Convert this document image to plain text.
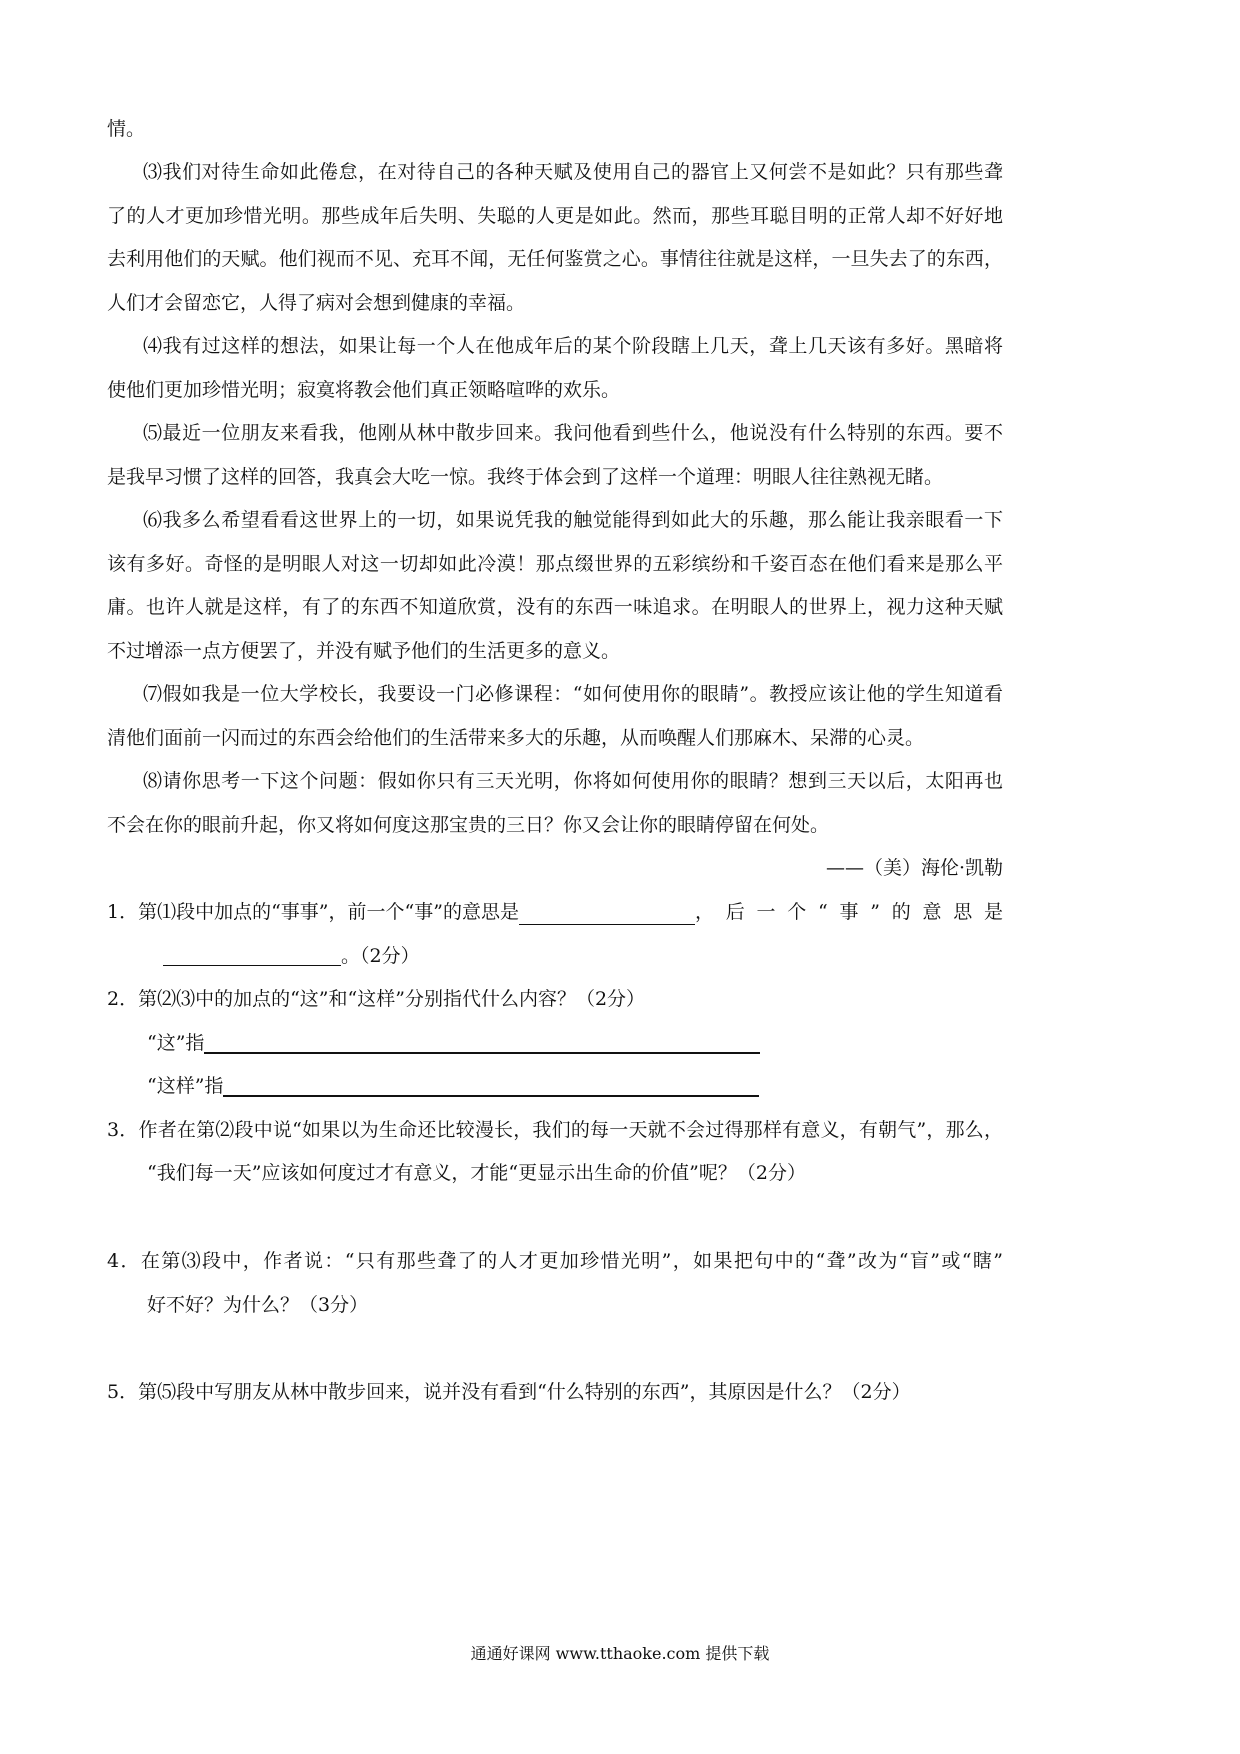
情。
⑶我们对待生命如此倦怠，在对待自己的各种天赋及使用自己的器官上又何尝不是如此？只有那些聋
了的人才更加珍惜光明。那些成年后失明、失聪的人更是如此。然而，那些耳聪目明的正常人却不好好地
去利用他们的天赋。他们视而不见、充耳不闻，无任何鉴赏之心。事情往往就是这样，一旦失去了的东西，
人们才会留恋它，人得了病对会想到健康的幸福。
⑷我有过这样的想法，如果让每一个人在他成年后的某个阶段瞎上几天，聋上几天该有多好。黑暗将
使他们更加珍惜光明；寂寞将教会他们真正领略喧哗的欢乐。
⑸最近一位朋友来看我，他刚从林中散步回来。我问他看到些什么，他说没有什么特别的东西。要不
是我早习惯了这样的回答，我真会大吃一惊。我终于体会到了这样一个道理：明眼人往往熟视无睹。
⑹我多么希望看看这世界上的一切，如果说凭我的触觉能得到如此大的乐趣，那么能让我亲眼看一下
该有多好。奇怪的是明眼人对这一切却如此冷漠！那点缀世界的五彩缤纷和千姿百态在他们看来是那么平
庸。也许人就是这样，有了的东西不知道欣赏，没有的东西一味追求。在明眼人的世界上，视力这种天赋
不过增添一点方便罢了，并没有赋予他们的生活更多的意义。
⑺假如我是一位大学校长，我要设一门必修课程：“如何使用你的眼睛”。教授应该让他的学生知道看
清他们面前一闪而过的东西会给他们的生活带来多大的乐趣，从而唤醒人们那麻木、呆滞的心灵。
⑻请你思考一下这个问题：假如你只有三天光明，你将如何使用你的眼睛？想到三天以后，太阳再也
不会在你的眼前升起，你又将如何度这那宝贵的三日？你又会让你的眼睛停留在何处。
——（美）海伦·凯勒
1．第⑴段中加点的“事事”，前一个“事”的意思是	，后一个“事”的意思是
。（2分）
2．第⑵⑶中的加点的“这”和“这样”分别指代什么内容？（2分）
“这”指
“这样”指
3．作者在第⑵段中说“如果以为生命还比较漫长，我们的每一天就不会过得那样有意义，有朝气”，那么，
“我们每一天”应该如何度过才有意义，才能“更显示出生命的价值”呢？（2分）
4．在第⑶段中，作者说：“只有那些聋了的人才更加珍惜光明”，如果把句中的“聋”改为“盲”或“瞎”
好不好？为什么？（3分）
5．第⑸段中写朋友从林中散步回来，说并没有看到“什么特别的东西”，其原因是什么？（2分）
通通好课网 www.tthaoke.com 提供下载
